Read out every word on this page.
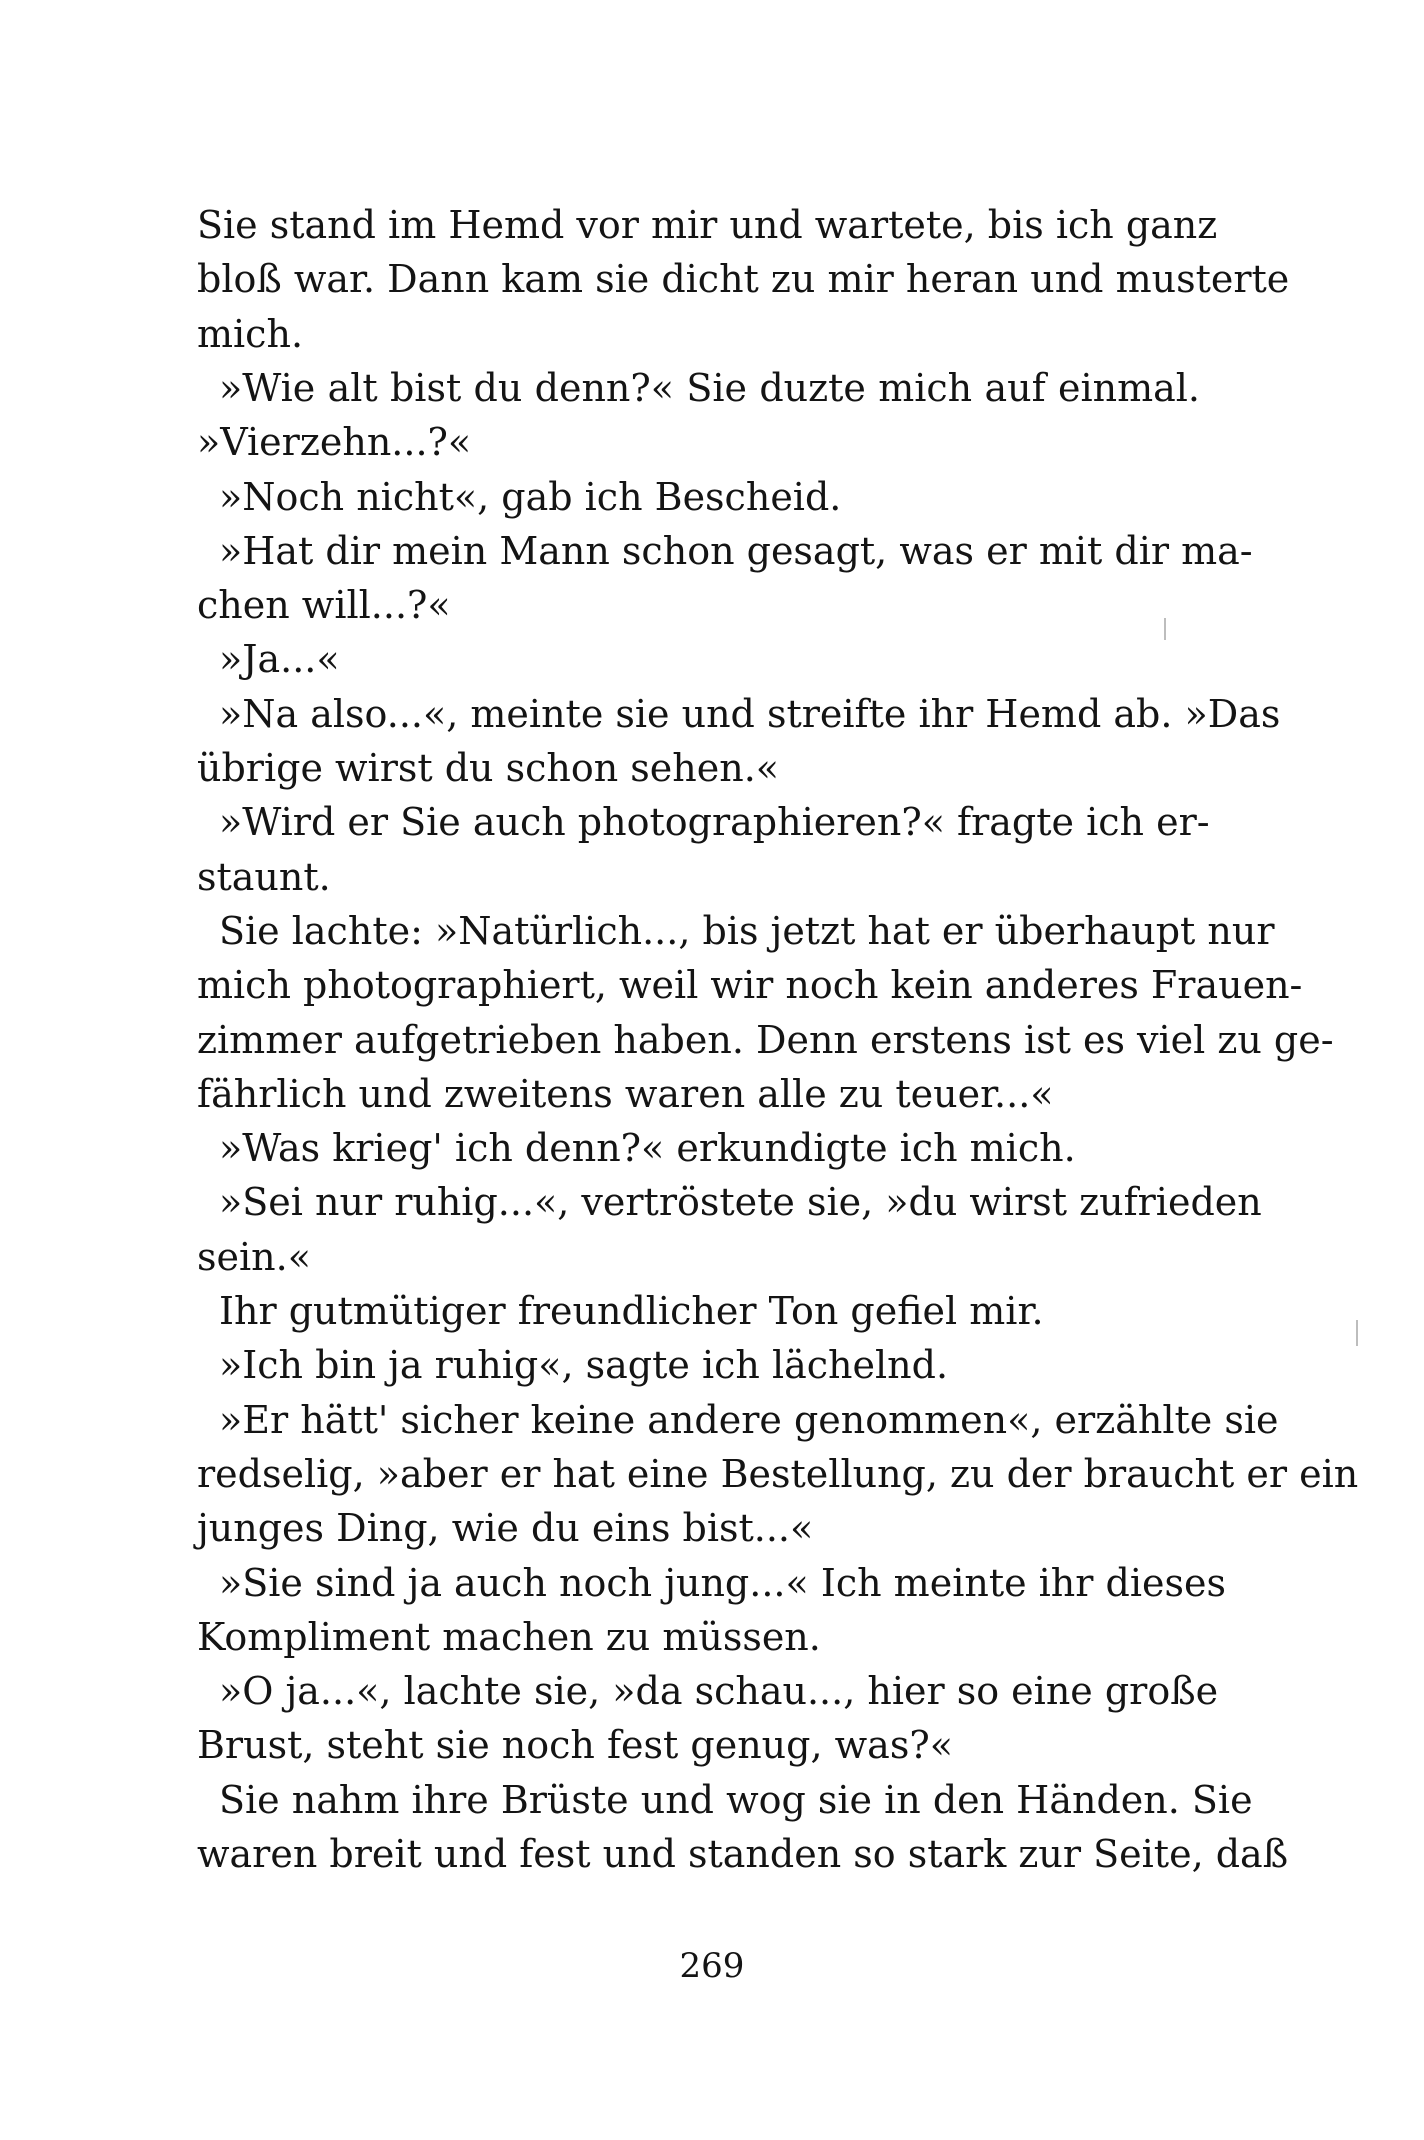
Sie stand im Hemd vor mir und wartete, bis ich ganz
bloß war. Dann kam sie dicht zu mir heran und musterte
mich.
»Wie alt bist du denn?« Sie duzte mich auf einmal.
»Vierzehn...?«
»Noch nicht«, gab ich Bescheid.
»Hat dir mein Mann schon gesagt, was er mit dir ma-
chen will...?«
»Ja...«
»Na also...«, meinte sie und streifte ihr Hemd ab. »Das
übrige wirst du schon sehen.«
»Wird er Sie auch photographieren?« fragte ich er-
staunt.
Sie lachte: »Natürlich..., bis jetzt hat er überhaupt nur
mich photographiert, weil wir noch kein anderes Frauen-
zimmer aufgetrieben haben. Denn erstens ist es viel zu ge-
fährlich und zweitens waren alle zu teuer...«
»Was krieg' ich denn?« erkundigte ich mich.
»Sei nur ruhig...«, vertröstete sie, »du wirst zufrieden
sein.«
Ihr gutmütiger freundlicher Ton gefiel mir.
»Ich bin ja ruhig«, sagte ich lächelnd.
»Er hätt' sicher keine andere genommen«, erzählte sie
redselig, »aber er hat eine Bestellung, zu der braucht er ein
junges Ding, wie du eins bist...«
»Sie sind ja auch noch jung...« Ich meinte ihr dieses
Kompliment machen zu müssen.
»O ja...«, lachte sie, »da schau..., hier so eine große
Brust, steht sie noch fest genug, was?«
Sie nahm ihre Brüste und wog sie in den Händen. Sie
waren breit und fest und standen so stark zur Seite, daß
269
